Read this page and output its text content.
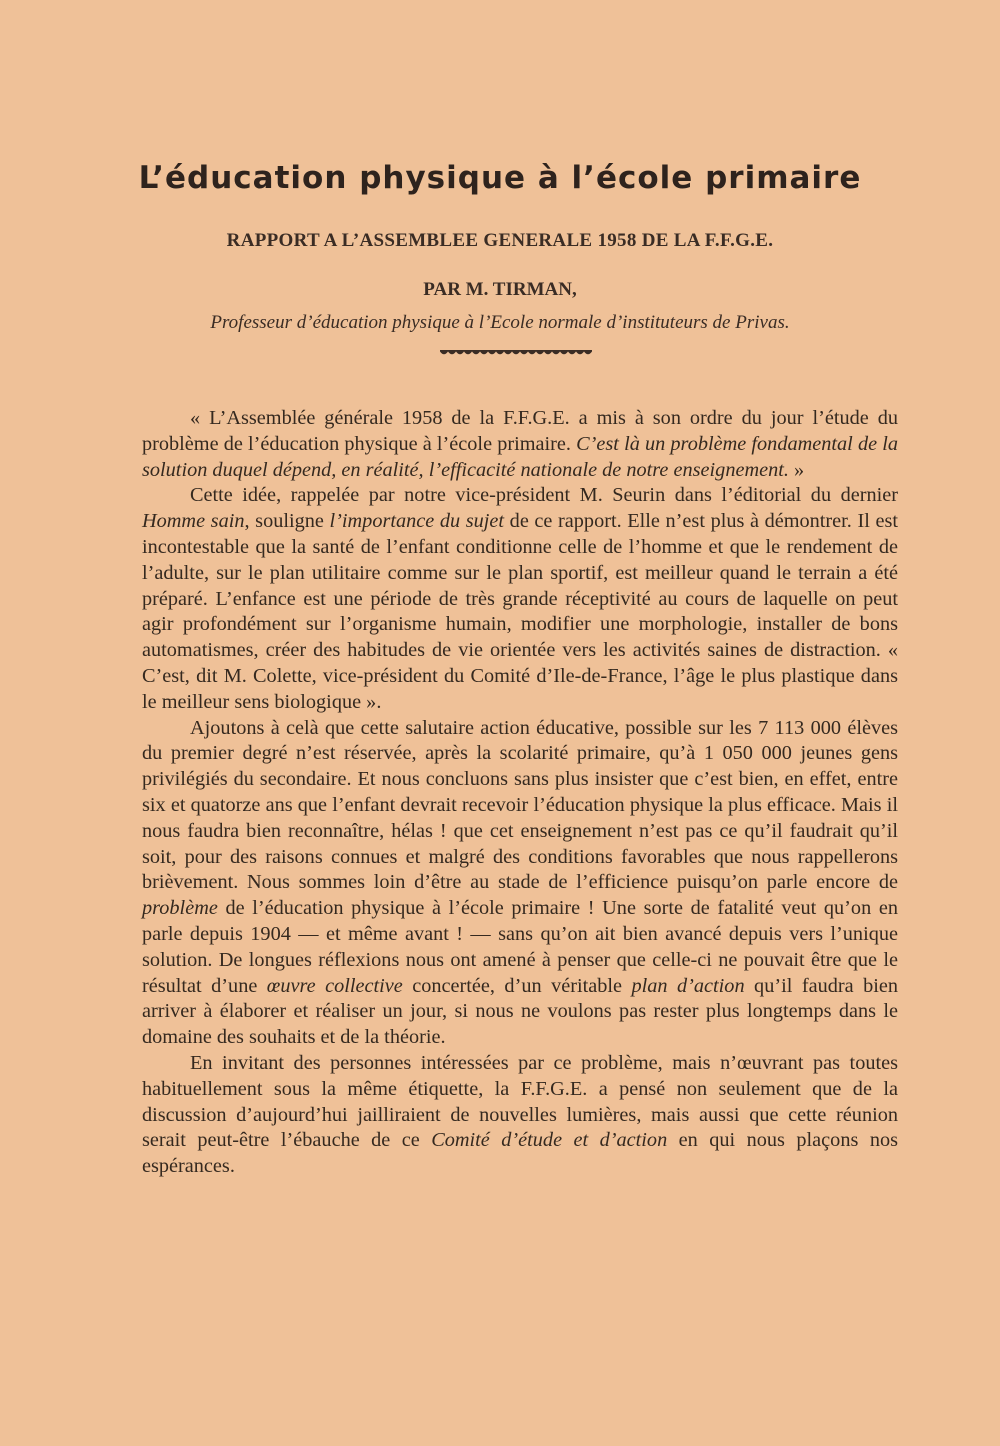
L’éducation physique à l’école primaire
RAPPORT A L’ASSEMBLEE GENERALE 1958 DE LA F.F.G.E.
PAR M. TIRMAN,
Professeur d’éducation physique à l’Ecole normale d’instituteurs de Privas.

« L’Assemblée générale 1958 de la F.F.G.E. a mis à son ordre du jour l’étude du problème de l’éducation physique à l’école primaire. C’est là un problème fondamental de la solution duquel dépend, en réalité, l’efficacité nationale de notre enseignement. »

Cette idée, rappelée par notre vice-président M. Seurin dans l’éditorial du dernier Homme sain, souligne l’importance du sujet de ce rapport. Elle n’est plus à démontrer. Il est incontestable que la santé de l’enfant conditionne celle de l’homme et que le rendement de l’adulte, sur le plan utilitaire comme sur le plan sportif, est meilleur quand le terrain a été préparé. L’enfance est une période de très grande réceptivité au cours de laquelle on peut agir profondément sur l’organisme humain, modifier une morphologie, installer de bons automatismes, créer des habitudes de vie orientée vers les activités saines de distraction. « C’est, dit M. Colette, vice-président du Comité d’Ile-de-France, l’âge le plus plastique dans le meilleur sens biologique ».

Ajoutons à celà que cette salutaire action éducative, possible sur les 7 113 000 élèves du premier degré n’est réservée, après la scolarité primaire, qu’à 1 050 000 jeunes gens privilégiés du secondaire. Et nous concluons sans plus insister que c’est bien, en effet, entre six et quatorze ans que l’enfant devrait recevoir l’éducation physique la plus efficace. Mais il nous faudra bien reconnaître, hélas ! que cet enseignement n’est pas ce qu’il faudrait qu’il soit, pour des raisons connues et malgré des conditions favorables que nous rappellerons brièvement. Nous sommes loin d’être au stade de l’efficience puisqu’on parle encore de problème de l’éducation physique à l’école primaire ! Une sorte de fatalité veut qu’on en parle depuis 1904 — et même avant ! — sans qu’on ait bien avancé depuis vers l’unique solution. De longues réflexions nous ont amené à penser que celle-ci ne pouvait être que le résultat d’une œuvre collective concertée, d’un véritable plan d’action qu’il faudra bien arriver à élaborer et réaliser un jour, si nous ne voulons pas rester plus longtemps dans le domaine des souhaits et de la théorie.

En invitant des personnes intéressées par ce problème, mais n’œuvrant pas toutes habituellement sous la même étiquette, la F.F.G.E. a pensé non seulement que de la discussion d’aujourd’hui jailliraient de nouvelles lumières, mais aussi que cette réunion serait peut-être l’ébauche de ce Comité d’étude et d’action en qui nous plaçons nos espérances.
